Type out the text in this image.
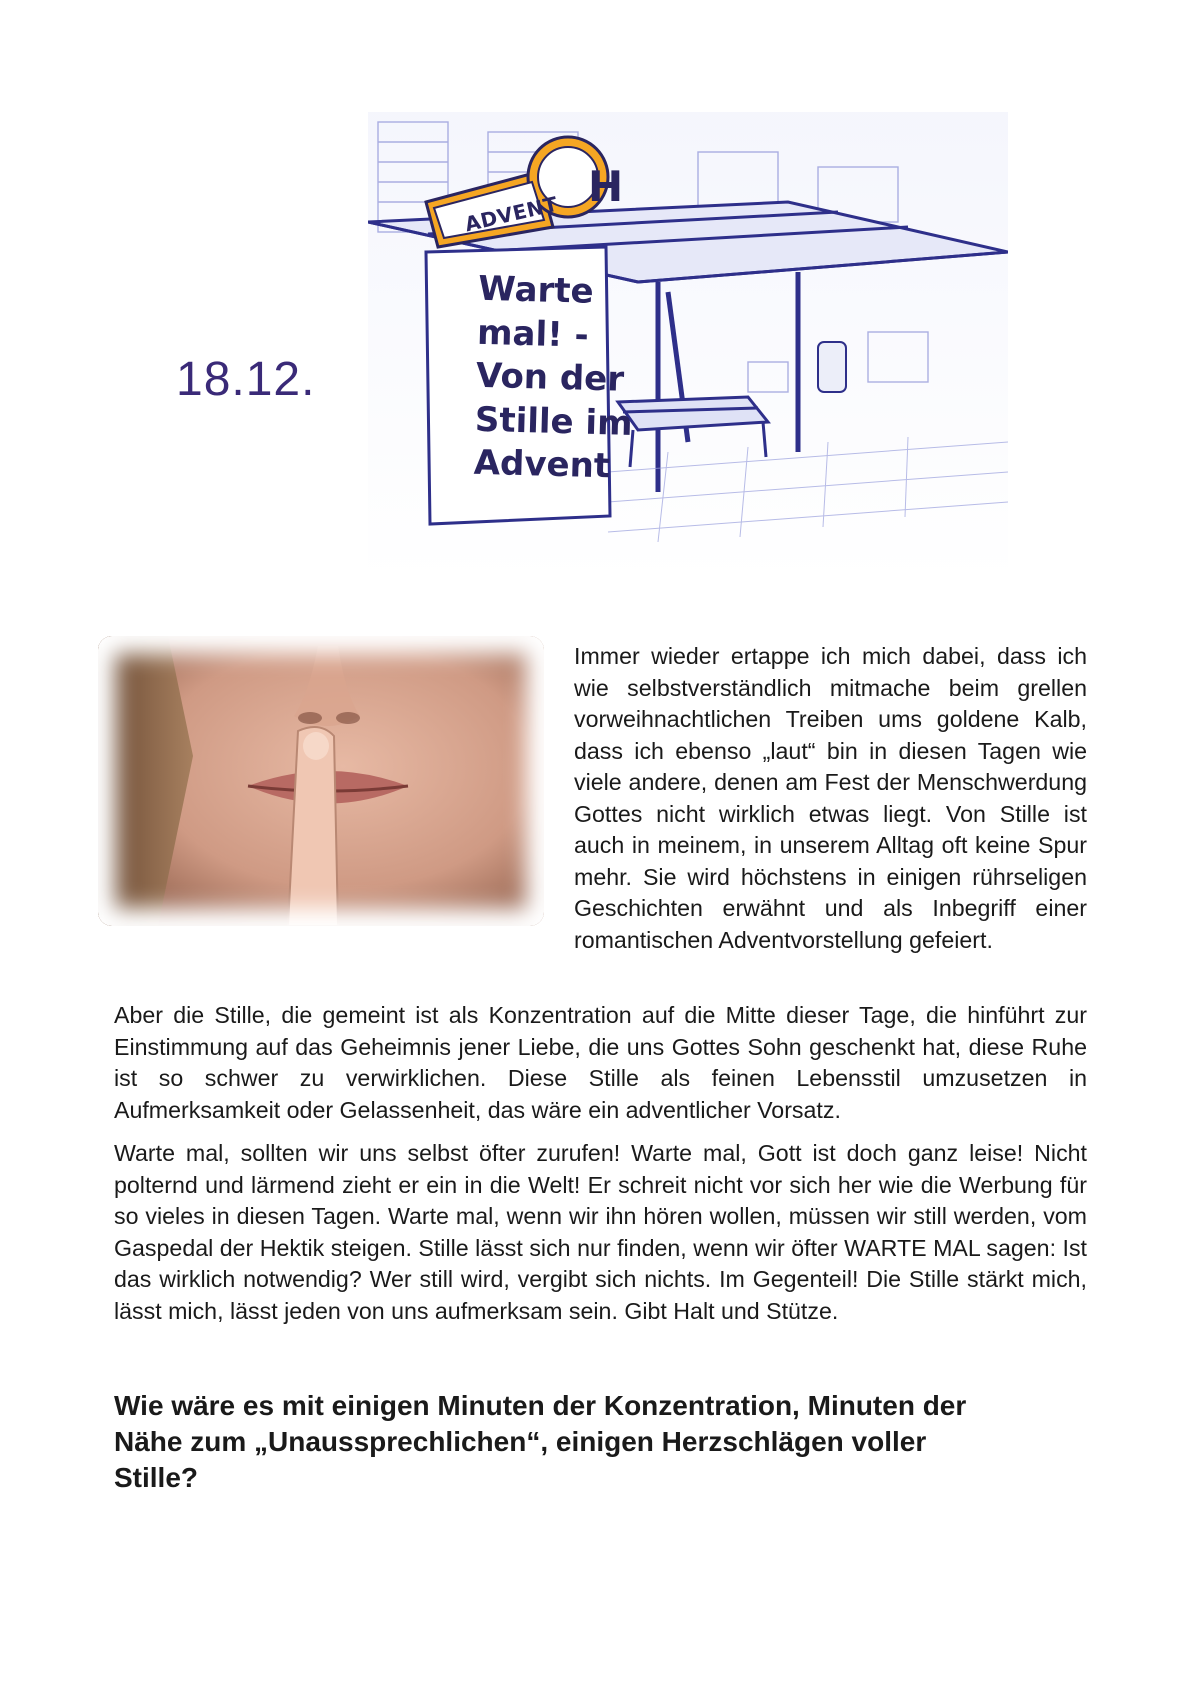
18.12.
ADVENT
H
Warte
mal! -
Von der
Stille im
Advent
Immer wieder ertappe ich mich dabei, dass ich wie selbstverständlich mitmache beim grellen vorweihnachtlichen Treiben ums goldene Kalb, dass ich ebenso „laut“ bin in diesen Tagen wie viele andere, denen am Fest der Menschwerdung Gottes nicht wirklich etwas liegt. Von Stille ist auch in meinem, in unserem Alltag oft keine Spur mehr. Sie wird höchstens in einigen rührseligen Geschichten erwähnt und als Inbegriff einer romantischen Adventvorstellung gefeiert.

Aber die Stille, die gemeint ist als Konzentration auf die Mitte dieser Tage, die hinführt zur Einstimmung auf das Geheimnis jener Liebe, die uns Gottes Sohn geschenkt hat, diese Ruhe ist so schwer zu verwirklichen. Diese Stille als feinen Lebensstil umzusetzen in Aufmerksamkeit oder Gelassenheit, das wäre ein adventlicher Vorsatz.

Warte mal, sollten wir uns selbst öfter zurufen! Warte mal, Gott ist doch ganz leise! Nicht polternd und lärmend zieht er ein in die Welt! Er schreit nicht vor sich her wie die Werbung für so vieles in diesen Tagen. Warte mal, wenn wir ihn hören wollen, müssen wir still werden, vom Gaspedal der Hektik steigen. Stille lässt sich nur finden, wenn wir öfter WARTE MAL sagen: Ist das wirklich notwendig? Wer still wird, vergibt sich nichts. Im Gegenteil! Die Stille stärkt mich, lässt mich, lässt jeden von uns aufmerksam sein. Gibt Halt und Stütze.

Wie wäre es mit einigen Minuten der Konzentration, Minuten der Nähe zum „Unaussprechlichen“, einigen Herzschlägen voller Stille?
